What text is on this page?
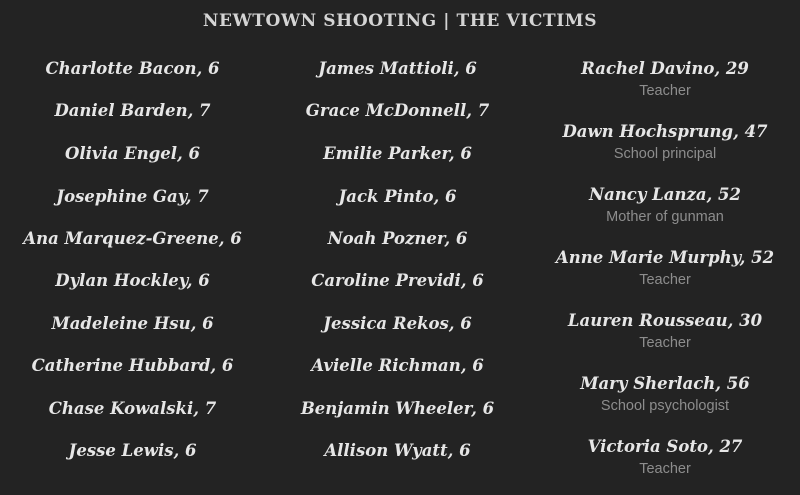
NEWTOWN SHOOTING | THE VICTIMS
Charlotte Bacon, 6
Daniel Barden, 7
Olivia Engel, 6
Josephine Gay, 7
Ana Marquez-Greene, 6
Dylan Hockley, 6
Madeleine Hsu, 6
Catherine Hubbard, 6
Chase Kowalski, 7
Jesse Lewis, 6
James Mattioli, 6
Grace McDonnell, 7
Emilie Parker, 6
Jack Pinto, 6
Noah Pozner, 6
Caroline Previdi, 6
Jessica Rekos, 6
Avielle Richman, 6
Benjamin Wheeler, 6
Allison Wyatt, 6
Rachel Davino, 29
Teacher
Dawn Hochsprung, 47
School principal
Nancy Lanza, 52
Mother of gunman
Anne Marie Murphy, 52
Teacher
Lauren Rousseau, 30
Teacher
Mary Sherlach, 56
School psychologist
Victoria Soto, 27
Teacher
